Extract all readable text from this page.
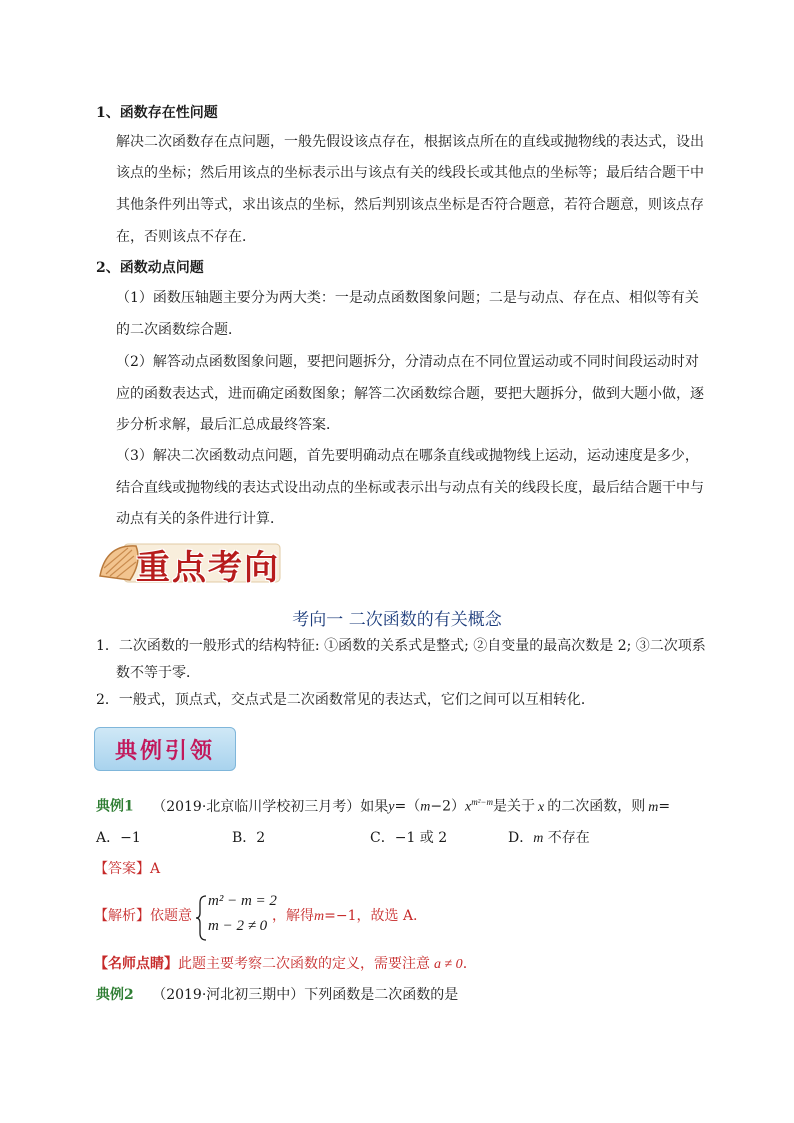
1、函数存在性问题
解决二次函数存在点问题，一般先假设该点存在，根据该点所在的直线或抛物线的表达式，设出
该点的坐标；然后用该点的坐标表示出与该点有关的线段长或其他点的坐标等；最后结合题干中
其他条件列出等式，求出该点的坐标，然后判别该点坐标是否符合题意，若符合题意，则该点存
在，否则该点不存在．
2、函数动点问题
（1）函数压轴题主要分为两大类：一是动点函数图象问题；二是与动点、存在点、相似等有关
的二次函数综合题．
（2）解答动点函数图象问题，要把问题拆分，分清动点在不同位置运动或不同时间段运动时对
应的函数表达式，进而确定函数图象；解答二次函数综合题，要把大题拆分，做到大题小做，逐
步分析求解，最后汇总成最终答案．
（3）解决二次函数动点问题，首先要明确动点在哪条直线或抛物线上运动，运动速度是多少，
结合直线或抛物线的表达式设出动点的坐标或表示出与动点有关的线段长度，最后结合题干中与
动点有关的条件进行计算．
重点考向
考向一 二次函数的有关概念
1．二次函数的一般形式的结构特征: ①函数的关系式是整式; ②自变量的最高次数是 2; ③二次项系
数不等于零．
2．一般式，顶点式，交点式是二次函数常见的表达式，它们之间可以互相转化．
典例引领
典例1 （2019·北京临川学校初三月考）如果$y=(m-2)x^{m^2-m}$是关于 x 的二次函数，则 m=
A．−1	B．2	C．−1 或 2	D．m 不存在
【答案】A
【解析】依题意
m² − m = 2
m − 2 ≠ 0
，解得m=−1，故选 A.
【名师点睛】此题主要考察二次函数的定义，需要注意 a ≠ 0.
典例2 （2019·河北初三期中）下列函数是二次函数的是
